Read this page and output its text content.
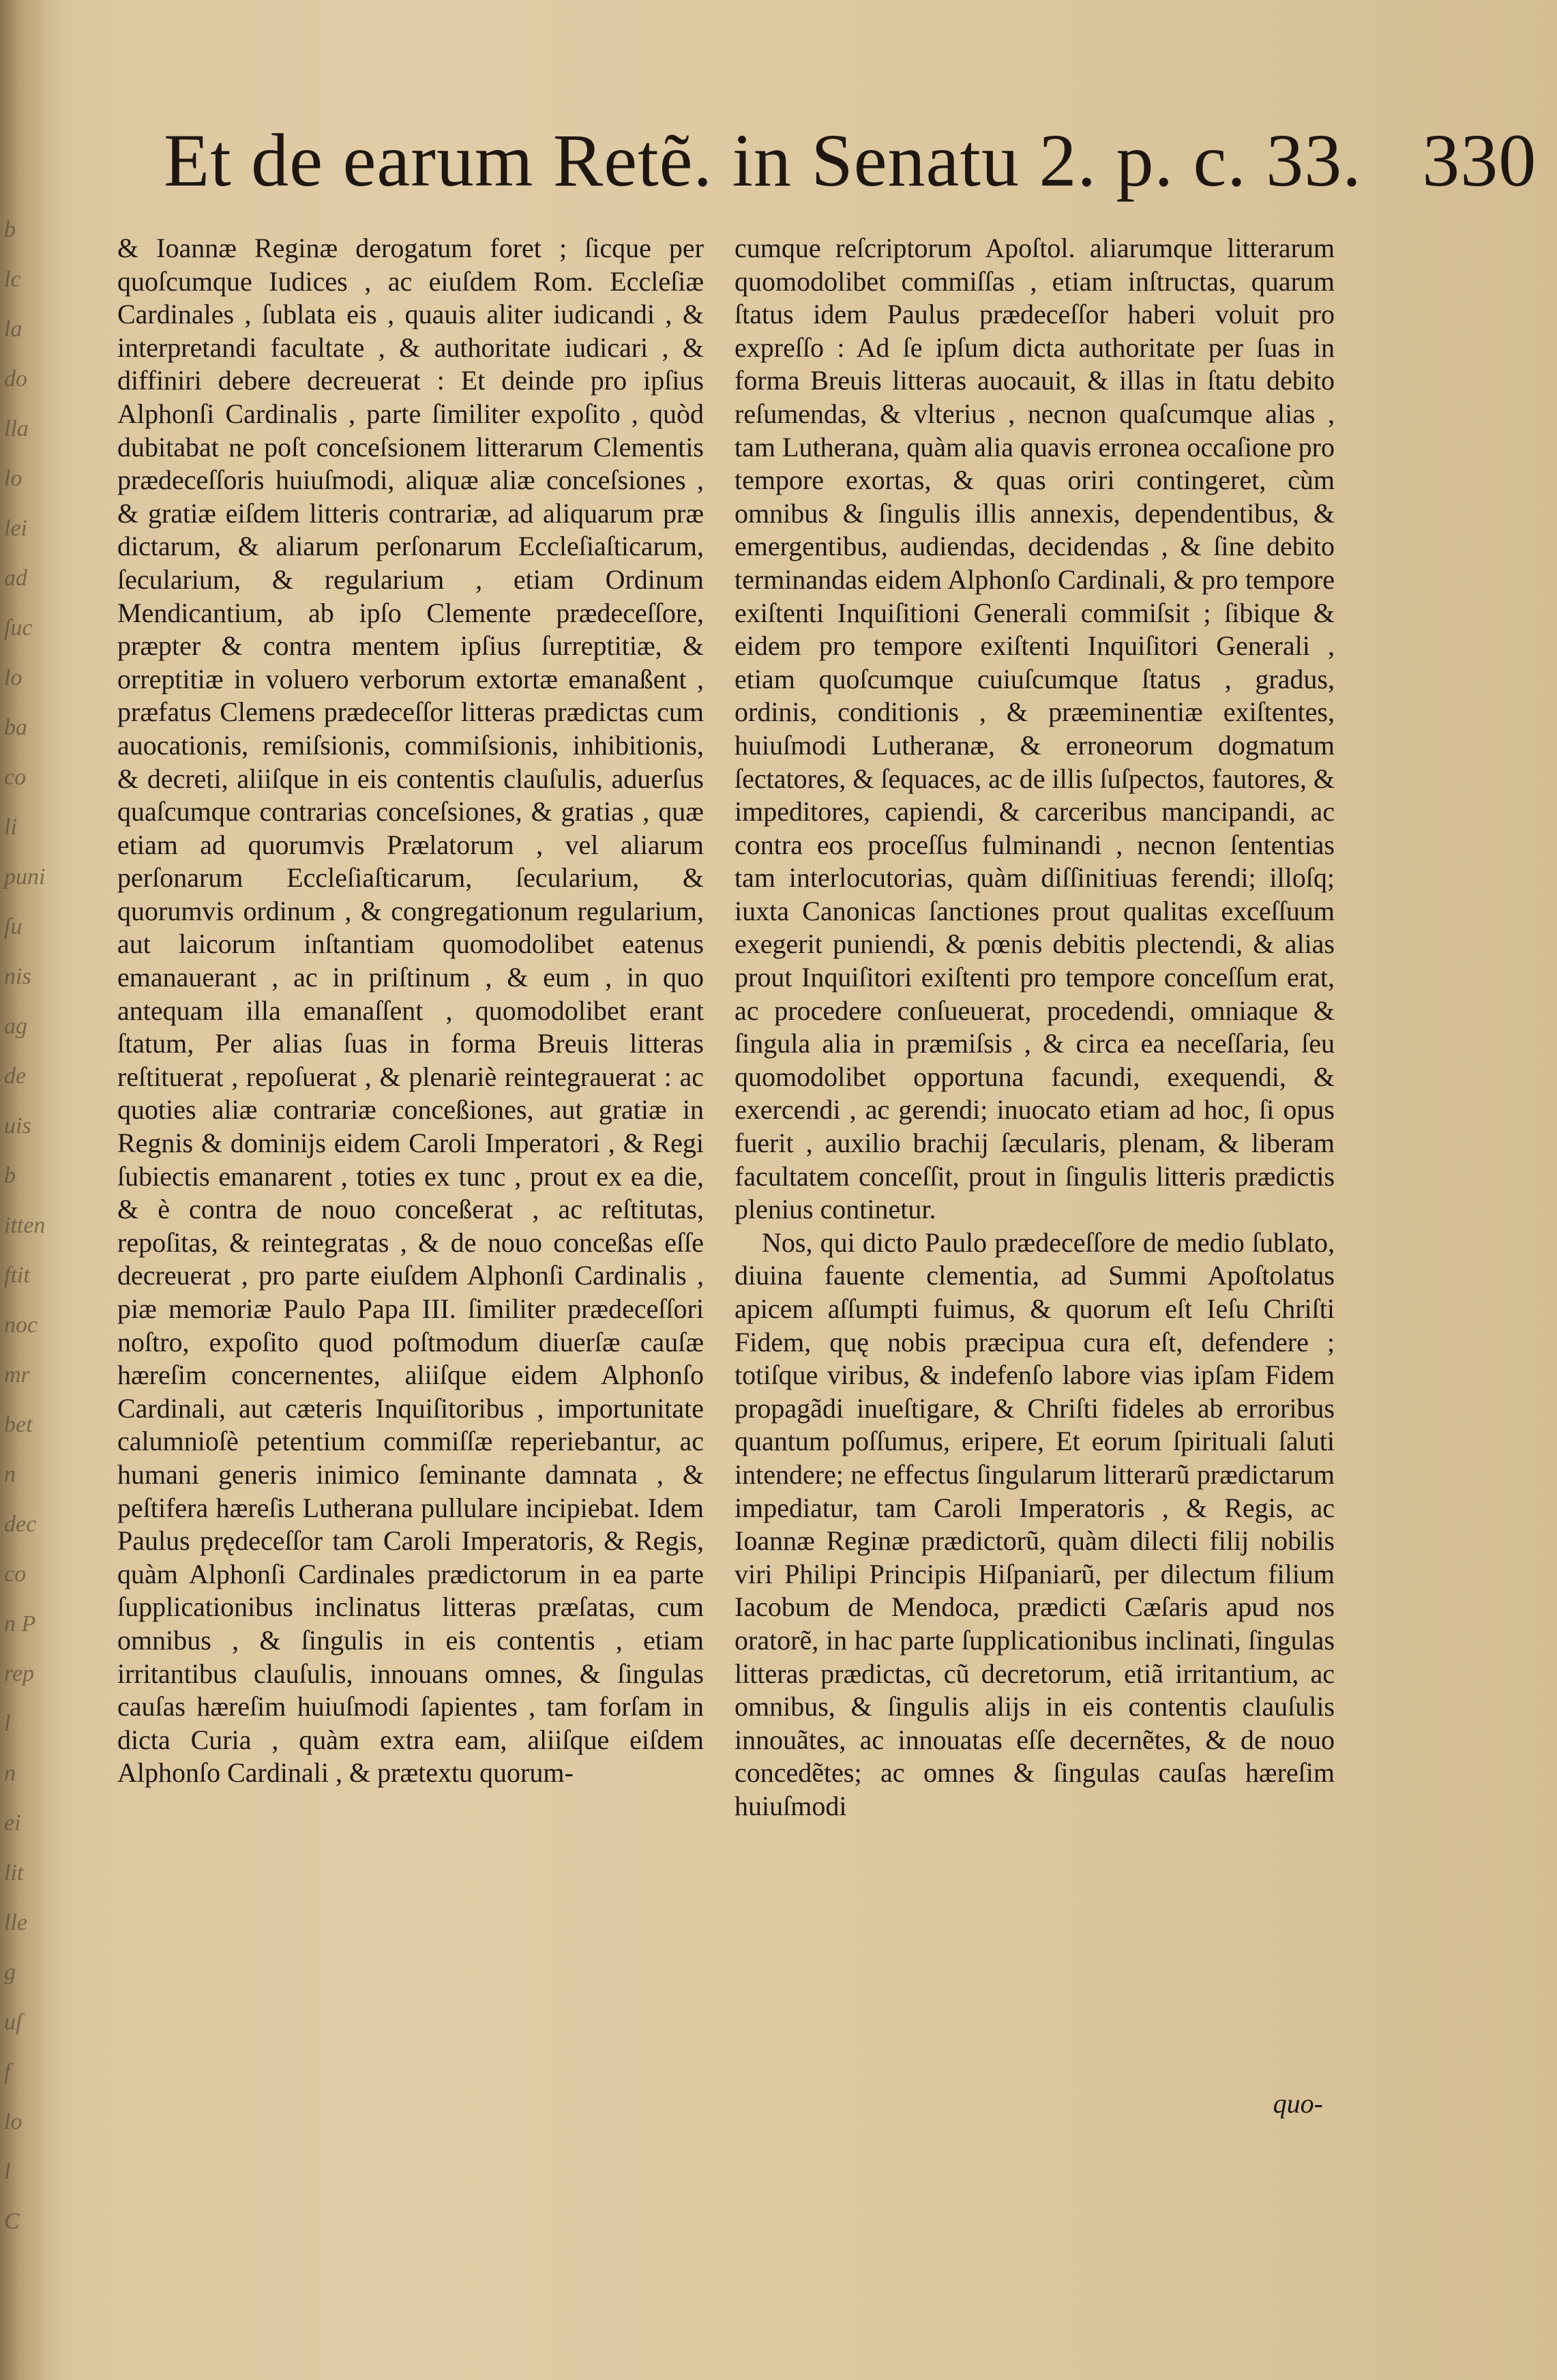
b
lc
la
do
lla
lo
lei
ad
ſuc
lo
ba
co
li
puni
ſu
nis
ag
de
uis
b
itten
ftit
noc
mr
bet
n
dec
co
n P
rep
l
n
ei
lit
lle
g
uſ
f
lo
l
C
Et de earum Retẽ. in Senatu 2. p. c. 33. 330

& Ioannæ Reginæ derogatum foret ; ſicque per quoſcumque Iudices , ac eiuſdem Rom. Eccleſiæ Cardinales , ſublata eis , quauis aliter iudicandi , & interpretandi facultate , & authoritate iudicari , & diffiniri debere decreuerat : Et deinde pro ipſius Alphonſi Cardinalis , parte ſimiliter expoſito , quòd dubitabat ne poſt conceſsionem litterarum Clementis prædeceſſoris huiuſmodi, aliquæ aliæ conceſsiones , & gratiæ eiſdem litteris contrariæ, ad aliquarum præ dictarum, & aliarum perſonarum Eccleſiaſticarum, ſecularium, & regularium , etiam Ordinum Mendicantium, ab ipſo Clemente prædeceſſore, præpter & contra mentem ipſius ſurreptitiæ, & orreptitiæ in voluero verborum extortæ emanaßent , præfatus Clemens prædeceſſor litteras prædictas cum auocationis, remiſsionis, commiſsionis, inhibitionis, & decreti, aliiſque in eis contentis clauſulis, aduerſus quaſcumque contrarias conceſsiones, & gratias , quæ etiam ad quorumvis Prælatorum , vel aliarum perſonarum Eccleſiaſticarum, ſecularium, & quorumvis ordinum , & congregationum regularium, aut laicorum inſtantiam quomodolibet eatenus emanauerant , ac in priſtinum , & eum , in quo antequam illa emanaſſent , quomodolibet erant ſtatum, Per alias ſuas in forma Breuis litteras reſtituerat , repoſuerat , & plenariè reintegrauerat : ac quoties aliæ contrariæ conceßiones, aut gratiæ in Regnis & dominijs eidem Caroli Imperatori , & Regi ſubiectis emanarent , toties ex tunc , prout ex ea die, & è contra de nouo conceßerat , ac reſtitutas, repoſitas, & reintegratas , & de nouo conceßas eſſe decreuerat , pro parte eiuſdem Alphonſi Cardinalis , piæ memoriæ Paulo Papa III. ſimiliter prædeceſſori noſtro, expoſito quod poſtmodum diuerſæ cauſæ hæreſim concernentes, aliiſque eidem Alphonſo Cardinali, aut cæteris Inquiſitoribus , importunitate calumnioſè petentium commiſſæ reperiebantur, ac humani generis inimico ſeminante damnata , & peſtifera hæreſis Lutherana pullulare incipiebat. Idem Paulus prędeceſſor tam Caroli Imperatoris, & Regis, quàm Alphonſi Cardinales prædictorum in ea parte ſupplicationibus inclinatus litteras præſatas, cum omnibus , & ſingulis in eis contentis , etiam irritantibus clauſulis, innouans omnes, & ſingulas cauſas hæreſim huiuſmodi ſapientes , tam forſam in dicta Curia , quàm extra eam, aliiſque eiſdem Alphonſo Cardinali , & prætextu quorum-

cumque reſcriptorum Apoſtol. aliarumque litterarum quomodolibet commiſſas , etiam inſtructas, quarum ſtatus idem Paulus prædeceſſor haberi voluit pro expreſſo : Ad ſe ipſum dicta authoritate per ſuas in forma Breuis litteras auocauit, & illas in ſtatu debito reſumendas, & vlterius , necnon quaſcumque alias , tam Lutherana, quàm alia quavis erronea occaſione pro tempore exortas, & quas oriri contingeret, cùm omnibus & ſingulis illis annexis, dependentibus, & emergentibus, audiendas, decidendas , & ſine debito terminandas eidem Alphonſo Cardinali, & pro tempore exiſtenti Inquiſitioni Generali commiſsit ; ſibique & eidem pro tempore exiſtenti Inquiſitori Generali , etiam quoſcumque cuiuſcumque ſtatus , gradus, ordinis, conditionis , & præeminentiæ exiſtentes, huiuſmodi Lutheranæ, & erroneorum dogmatum ſectatores, & ſequaces, ac de illis ſuſpectos, fautores, & impeditores, capiendi, & carceribus mancipandi, ac contra eos proceſſus fulminandi , necnon ſententias tam interlocutorias, quàm diſſinitiuas ferendi; illoſq; iuxta Canonicas ſanctiones prout qualitas exceſſuum exegerit puniendi, & pœnis debitis plectendi, & alias prout Inquiſitori exiſtenti pro tempore conceſſum erat, ac procedere conſueuerat, procedendi, omniaque & ſingula alia in præmiſsis , & circa ea neceſſaria, ſeu quomodolibet opportuna facundi, exequendi, & exercendi , ac gerendi; inuocato etiam ad hoc, ſi opus fuerit , auxilio brachij ſæcularis, plenam, & liberam facultatem conceſſit, prout in ſingulis litteris prædictis plenius continetur.

Nos, qui dicto Paulo prædeceſſore de medio ſublato, diuina fauente clementia, ad Summi Apoſtolatus apicem aſſumpti fuimus, & quorum eſt Ieſu Chriſti Fidem, quę nobis præcipua cura eſt, defendere ; totiſque viribus, & indefenſo labore vias ipſam Fidem propagãdi inueſtigare, & Chriſti fideles ab erroribus quantum poſſumus, eripere, Et eorum ſpirituali ſaluti intendere; ne effectus ſingularum litterarũ prædictarum impediatur, tam Caroli Imperatoris , & Regis, ac Ioannæ Reginæ prædictorũ, quàm dilecti filij nobilis viri Philipi Principis Hiſpaniarũ, per dilectum filium Iacobum de Mendoca, prædicti Cæſaris apud nos oratorẽ, in hac parte ſupplicationibus inclinati, ſingulas litteras prædictas, cũ decretorum, etiã irritantium, ac omnibus, & ſingulis alijs in eis contentis clauſulis innouãtes, ac innouatas eſſe decernẽtes, & de nouo concedẽtes; ac omnes & ſingulas cauſas hæreſim huiuſmodi

quo-
